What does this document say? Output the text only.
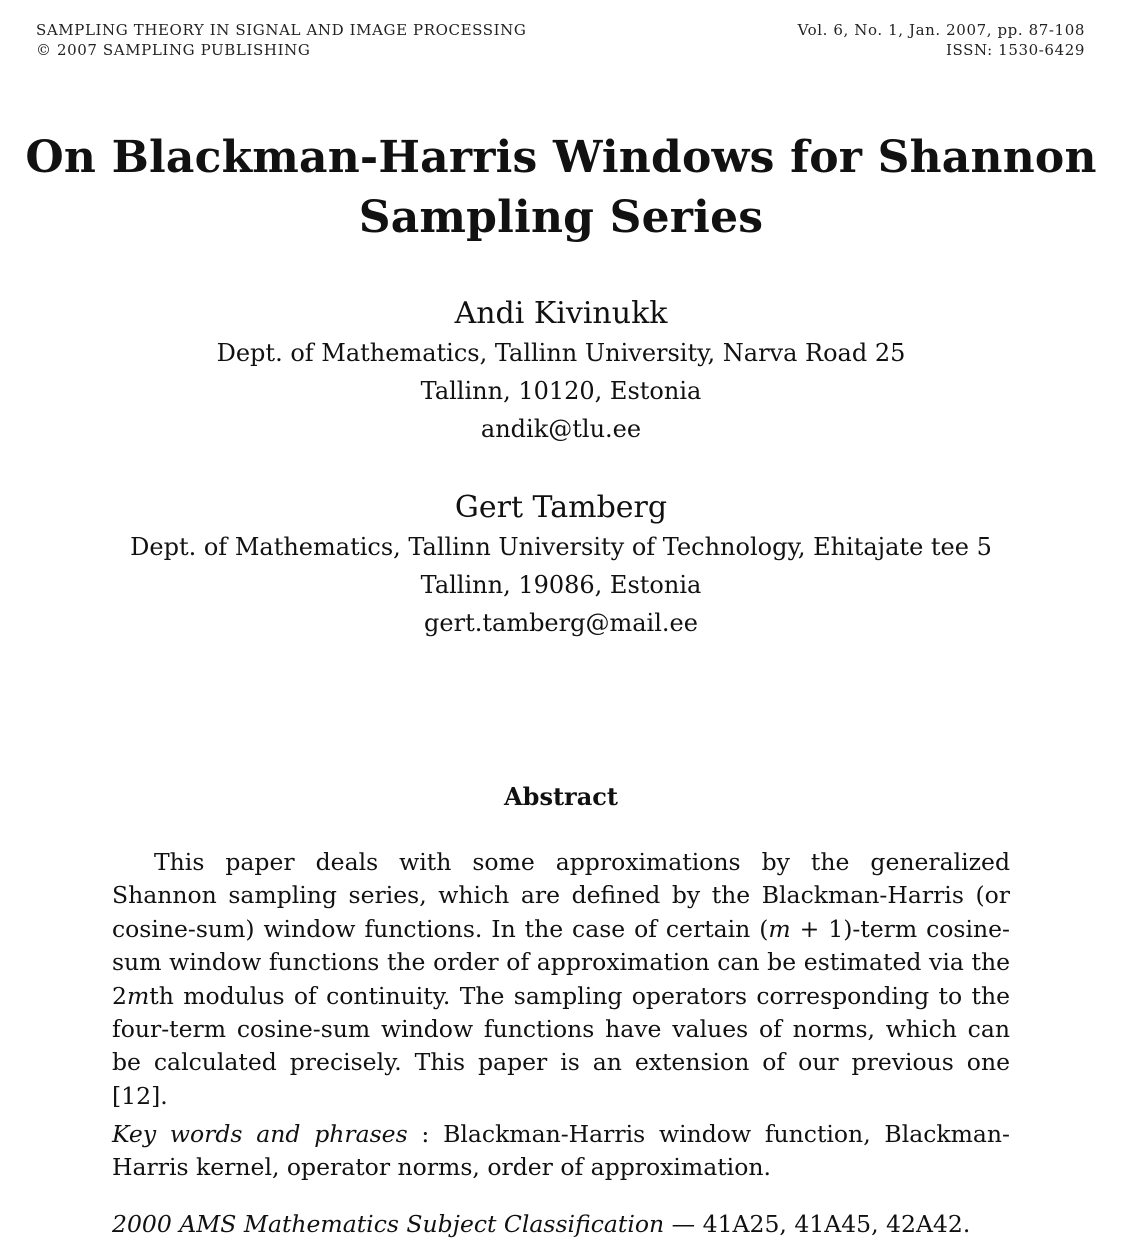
SAMPLING THEORY IN SIGNAL AND IMAGE PROCESSING
© 2007 SAMPLING PUBLISHING
Vol. 6, No. 1, Jan. 2007, pp. 87-108
ISSN: 1530-6429
On Blackman-Harris Windows for Shannon
Sampling Series
Andi Kivinukk
Dept. of Mathematics, Tallinn University, Narva Road 25
Tallinn, 10120, Estonia
andik@tlu.ee
Gert Tamberg
Dept. of Mathematics, Tallinn University of Technology, Ehitajate tee 5
Tallinn, 19086, Estonia
gert.tamberg@mail.ee
Abstract
This paper deals with some approximations by the generalized Shannon sampling series, which are defined by the Blackman-Harris (or cosine-sum) window functions. In the case of certain (m + 1)-term cosine-sum window functions the order of approximation can be estimated via the 2mth modulus of continuity. The sampling operators corresponding to the four-term cosine-sum window functions have values of norms, which can be calculated precisely. This paper is an extension of our previous one [12].
Key words and phrases : Blackman-Harris window function, Blackman-Harris kernel, operator norms, order of approximation.
2000 AMS Mathematics Subject Classification — 41A25, 41A45, 42A42.
